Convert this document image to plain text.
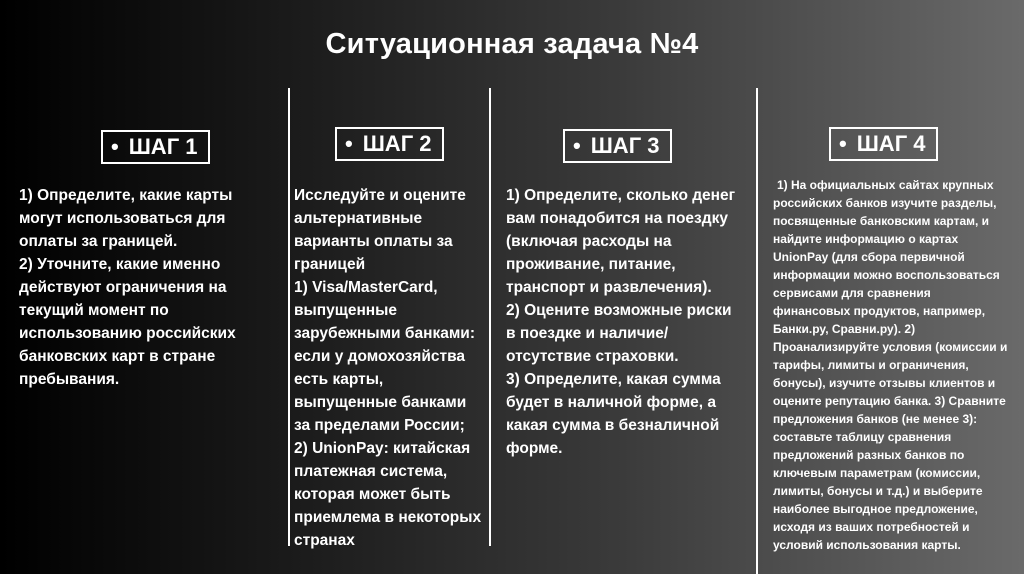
Ситуационная задача №4
• ШАГ 1
1) Определите, какие карты могут использоваться для оплаты за границей.
2) Уточните, какие именно действуют ограничения на текущий момент по использованию российских банковских карт в стране пребывания.
• ШАГ 2
Исследуйте и оцените альтернативные варианты оплаты за границей
1) Visa/MasterCard, выпущенные зарубежными банками: если у домохозяйства есть карты, выпущенные банками за пределами России;
2) UnionPay: китайская платежная система, которая может быть приемлема в некоторых странах
• ШАГ 3
1) Определите, сколько денег вам понадобится на поездку (включая расходы на проживание, питание, транспорт и развлечения).
2) Оцените возможные риски в поездке и наличие/отсутствие страховки.
3) Определите, какая сумма будет в наличной форме, а какая сумма в безналичной форме.
• ШАГ 4
1) На официальных сайтах крупных российских банков изучите разделы, посвященные банковским картам, и найдите информацию о картах UnionPay (для сбора первичной информации можно воспользоваться сервисами для сравнения финансовых продуктов, например, Банки.ру, Сравни.ру). 2) Проанализируйте условия (комиссии и тарифы, лимиты и ограничения, бонусы), изучите отзывы клиентов и оцените репутацию банка. 3) Сравните предложения банков (не менее 3): составьте таблицу сравнения предложений разных банков по ключевым параметрам (комиссии, лимиты, бонусы и т.д.) и выберите наиболее выгодное предложение, исходя из ваших потребностей и условий использования карты.
